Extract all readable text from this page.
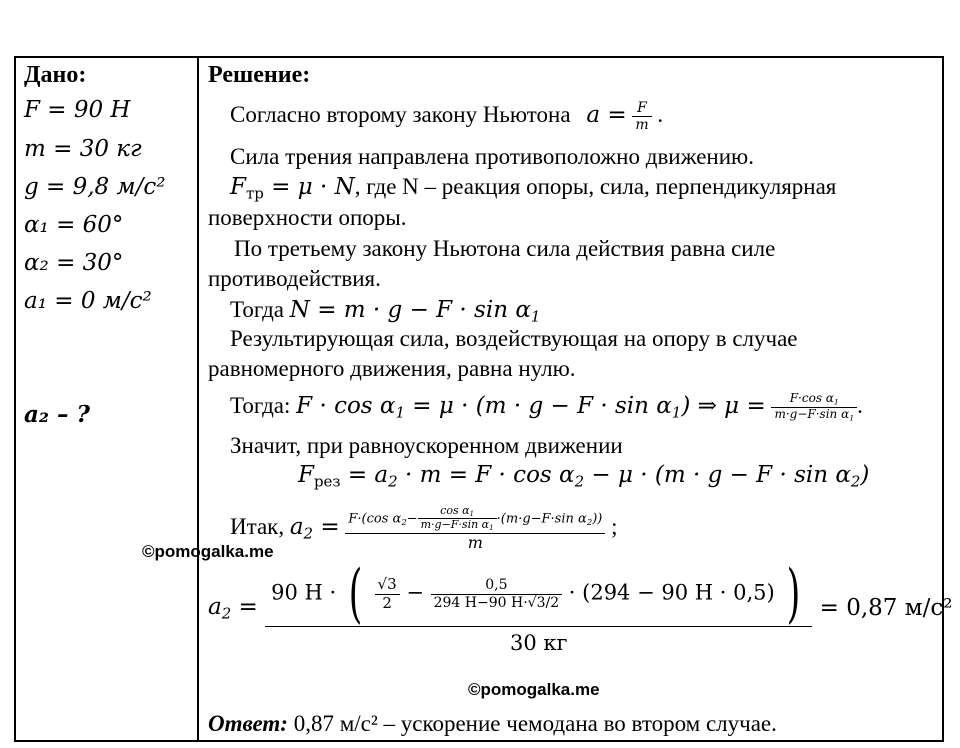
Дано:
F = 90 Н
m = 30 кг
g = 9,8 м/с²
α₁ = 60°
α₂ = 30°
a₁ = 0 м/с²
a₂ – ?
Решение:
Согласно второму закону Ньютона $a = \frac{F}{m}$ .
Сила трения направлена противоположно движению.
$F_{тр} = \mu \cdot N$, где N – реакция опоры, сила, перпендикулярная
поверхности опоры.
По третьему закону Ньютона сила действия равна силе
противодействия.
Тогда $N = m \cdot g - F \cdot \sin \alpha_1$
Результирующая сила, воздействующая на опору в случае
равномерного движения, равна нулю.
Тогда: $F \cdot \cos \alpha_1 = \mu \cdot (m \cdot g - F \cdot \sin \alpha_1)$ ⇒ $\mu = \frac{F\cdot\cos \alpha_1}{m\cdot g-F\cdot\sin \alpha_1}$ .
Значит, при равноускоренном движении
$F_{рез} = a_2 \cdot m = F \cdot \cos \alpha_2 - \mu \cdot (m \cdot g - F \cdot \sin \alpha_2)$
Итак, $a_2 = \frac{F\cdot(\cos \alpha_2- \frac{\cos \alpha_1}{m\cdot g-F\cdot\sin \alpha_1} \cdot(m\cdot g-F\cdot\sin \alpha_2))}{m}$ ;
$a_2$ =
90 Н · ( $\frac{√3}{2} - \frac{0,5}{294 Н-90 Н\cdot√3/2} \cdot (294 - 90$ Н · 0,5) )
30 кг
= 0,87 м/с²
Ответ: 0,87 м/с² – ускорение чемодана во втором случае.
©pomogalka.me
©pomogalka.me
